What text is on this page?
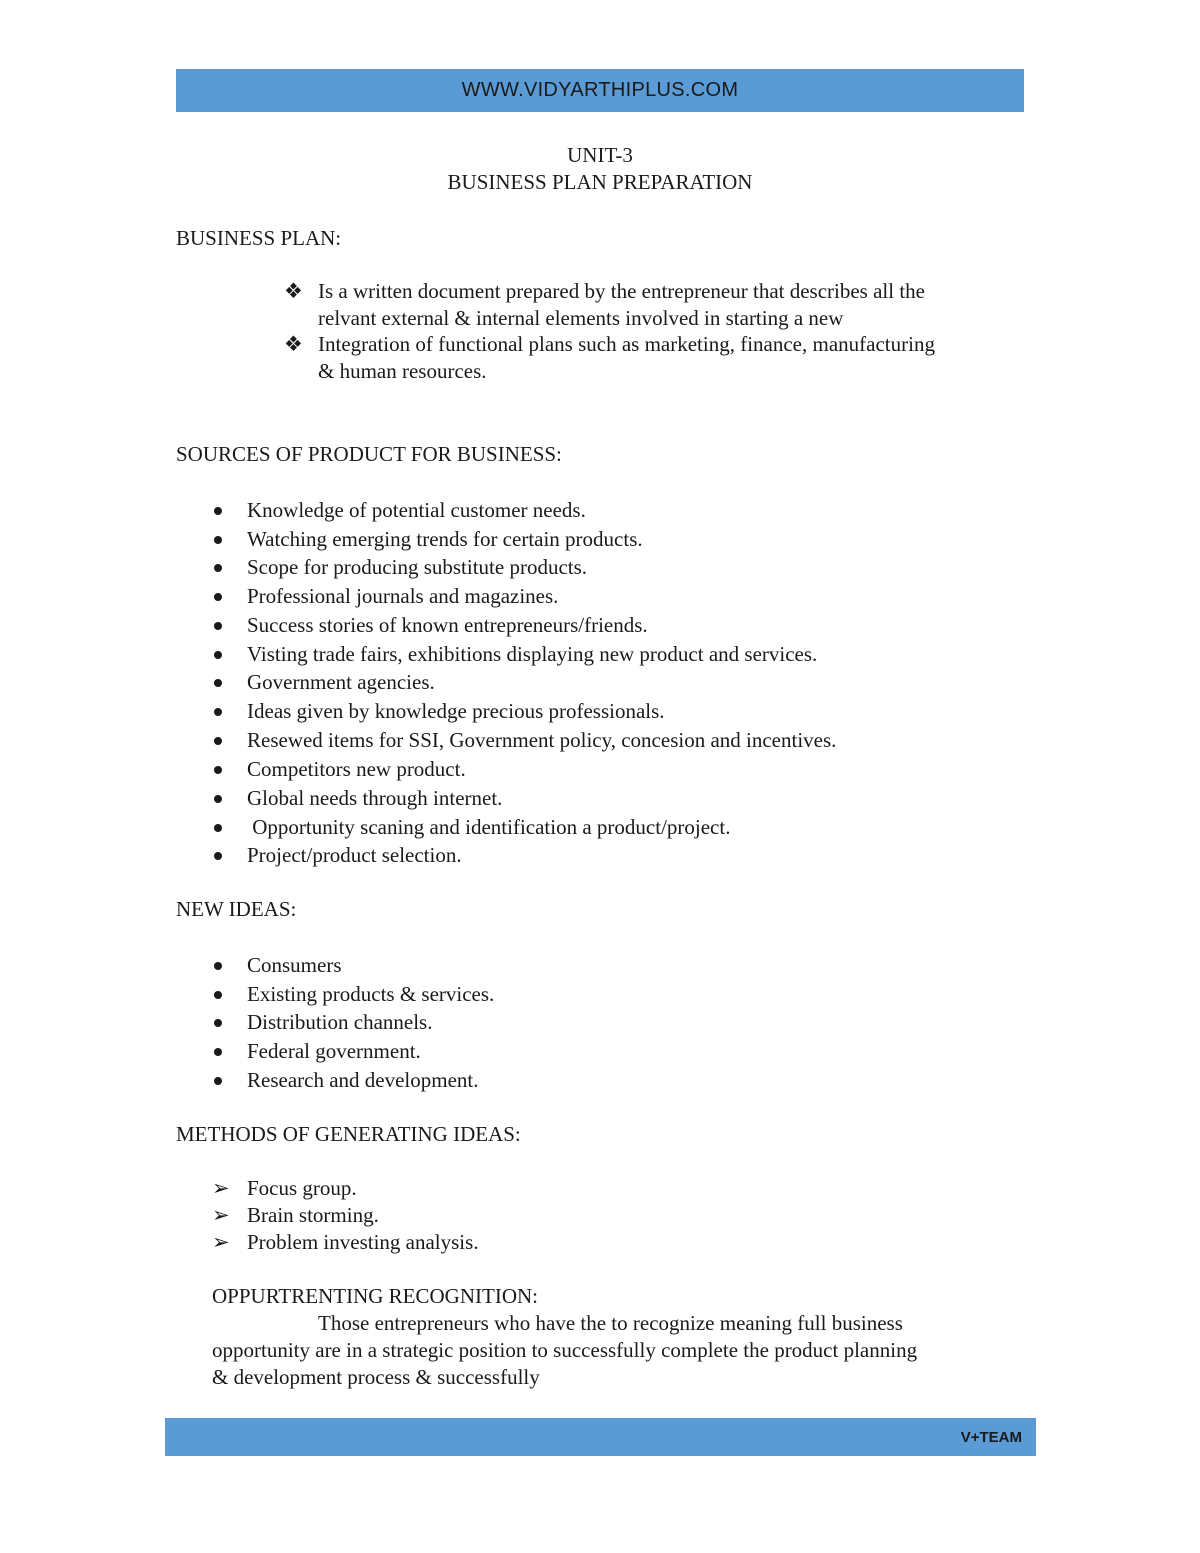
WWW.VIDYARTHIPLUS.COM
UNIT-3
BUSINESS PLAN PREPARATION
BUSINESS PLAN:
❖ Is a written document prepared by the entrepreneur that describes all the
relvant external & internal elements involved in starting a new
❖ Integration of functional plans such as marketing, finance, manufacturing
& human resources.
SOURCES OF PRODUCT FOR BUSINESS:
Knowledge of potential customer needs.
Watching emerging trends for certain products.
Scope for producing substitute products.
Professional journals and magazines.
Success stories of known entrepreneurs/friends.
Visting trade fairs, exhibitions displaying new product and services.
Government agencies.
Ideas given by knowledge precious professionals.
Resewed items for SSI, Government policy, concesion and incentives.
Competitors new product.
Global needs through internet.
Opportunity scaning and identification a product/project.
Project/product selection.
NEW IDEAS:
Consumers
Existing products & services.
Distribution channels.
Federal government.
Research and development.
METHODS OF GENERATING IDEAS:
➢ Focus group.
➢ Brain storming.
➢ Problem investing analysis.
OPPURTRENTING RECOGNITION:
Those entrepreneurs who have the to recognize meaning full business
opportunity are in a strategic position to successfully complete the product planning
& development process & successfully
V+TEAM
